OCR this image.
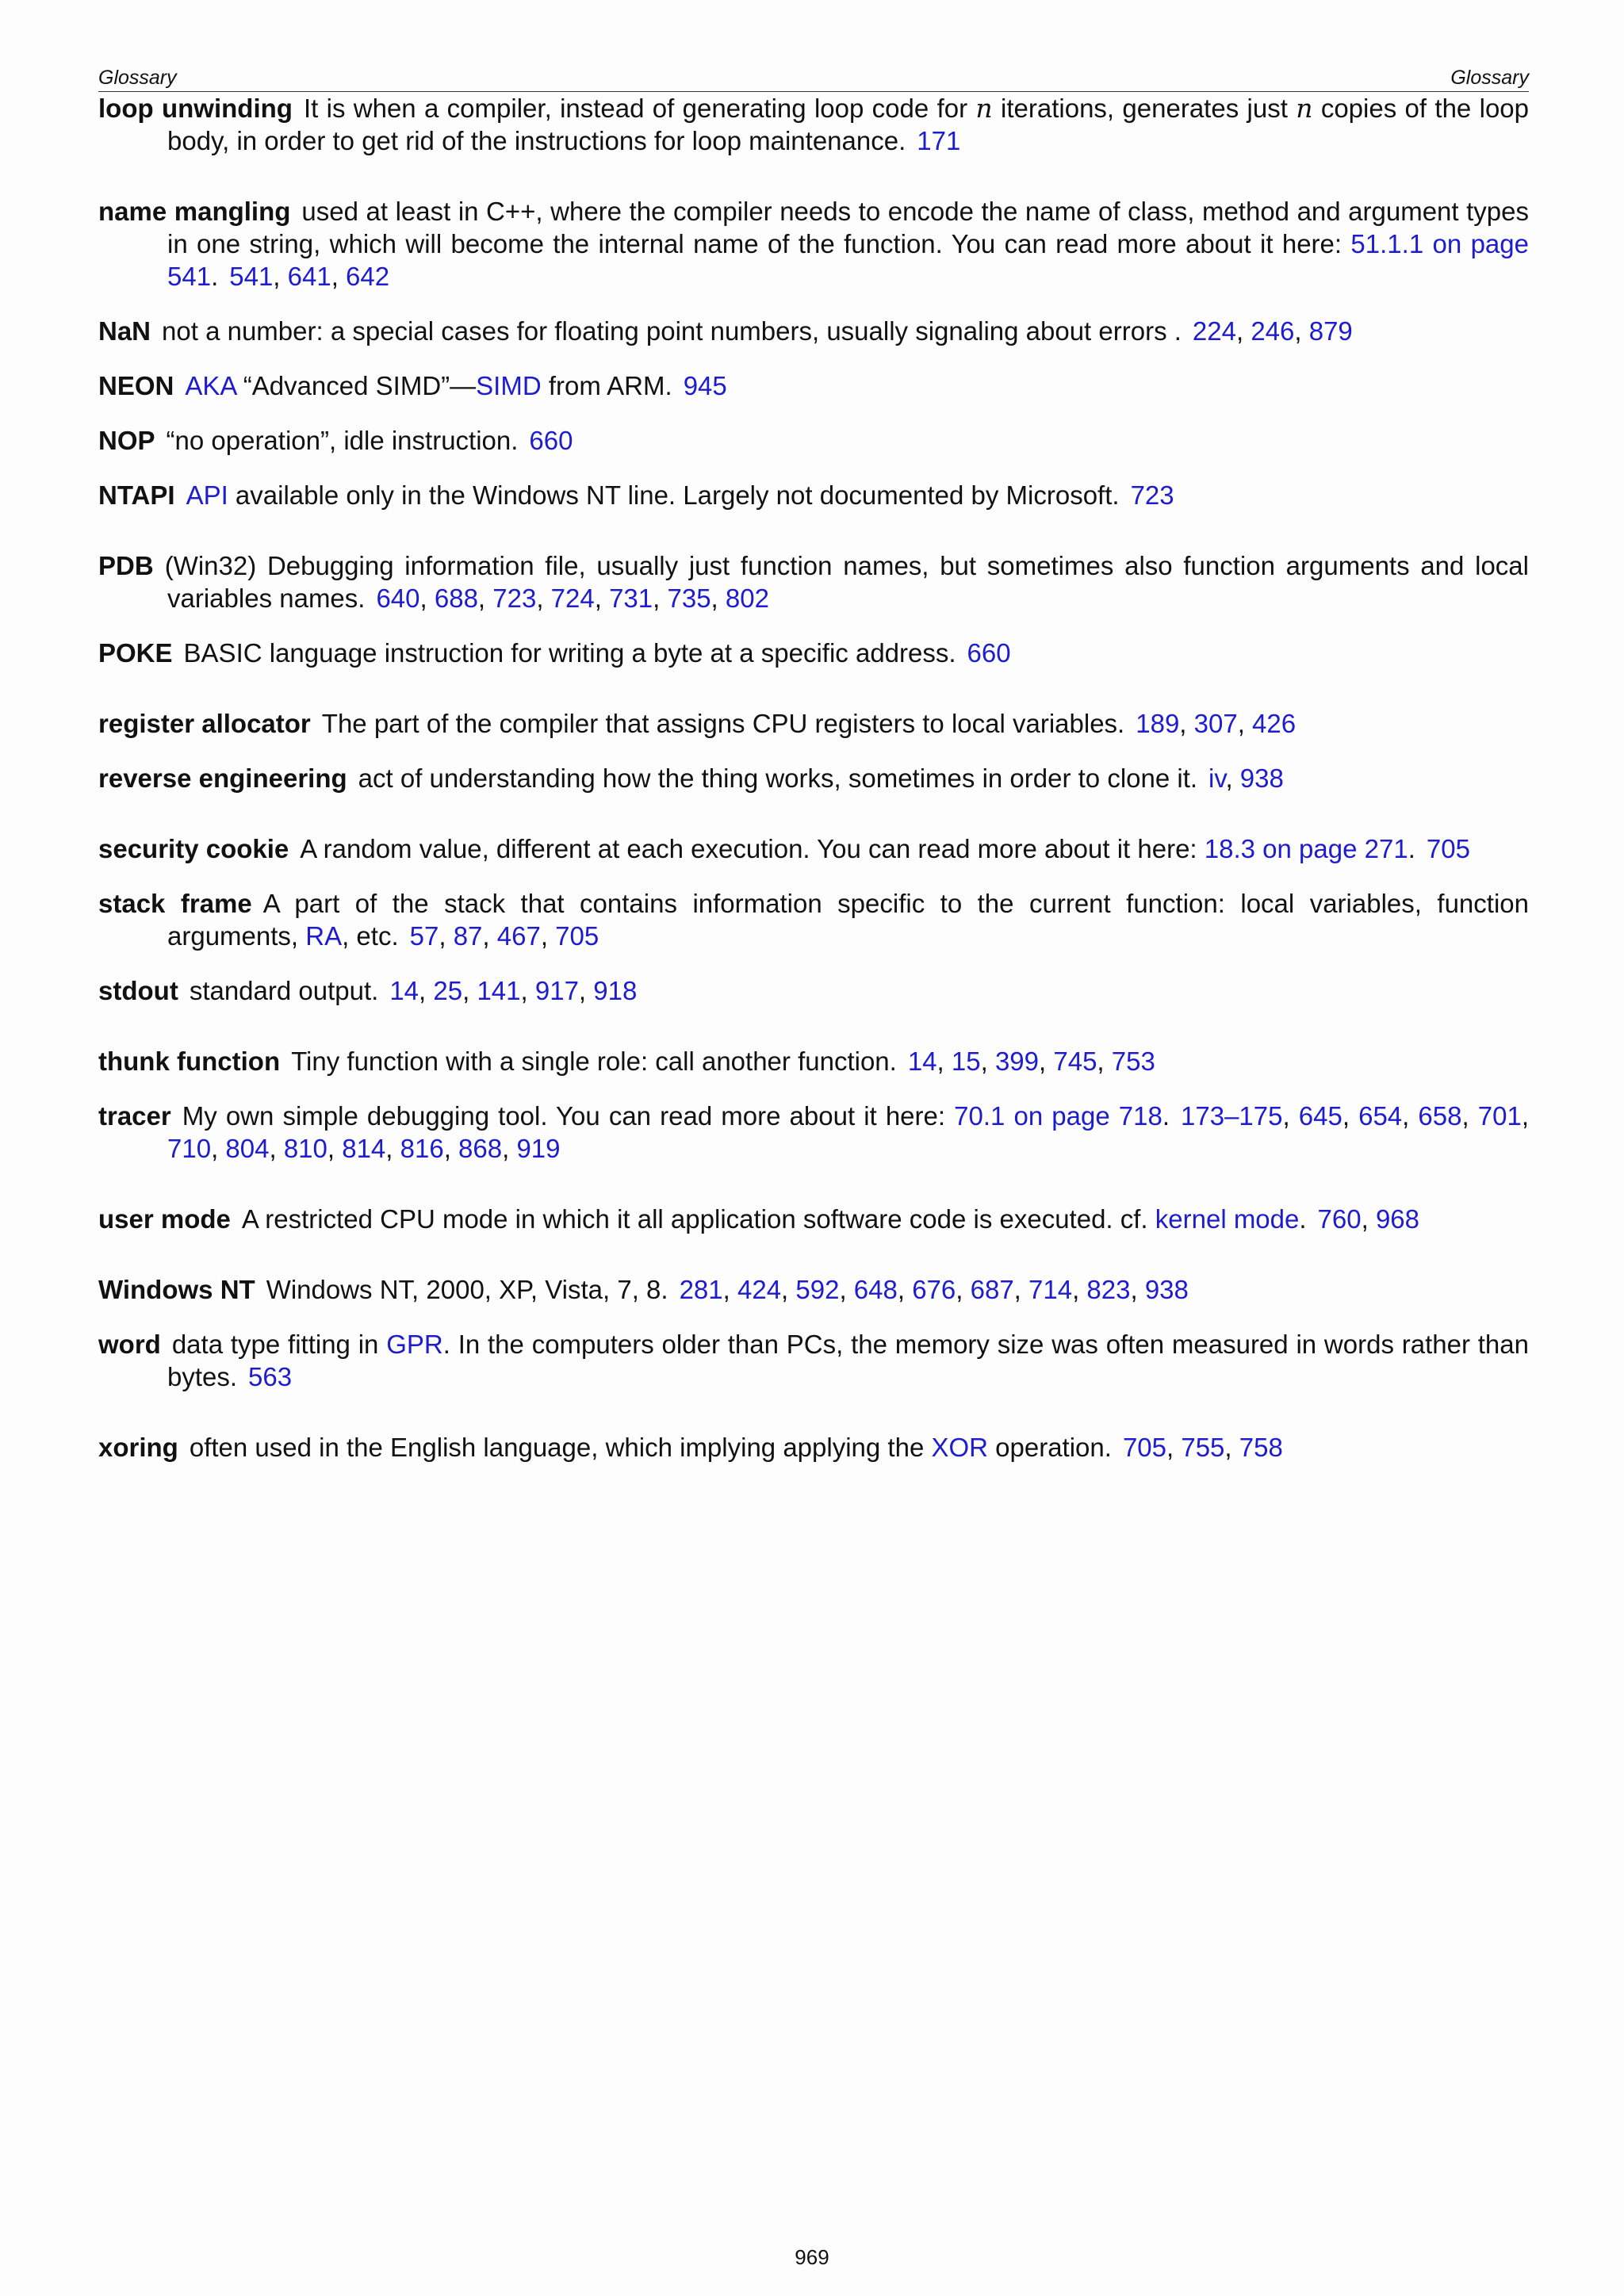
Glossary	Glossary
loop unwinding It is when a compiler, instead of generating loop code for n iterations, generates just n copies of the loop body, in order to get rid of the instructions for loop maintenance. 171
name mangling used at least in C++, where the compiler needs to encode the name of class, method and argument types in one string, which will become the internal name of the function. You can read more about it here: 51.1.1 on page 541. 541, 641, 642
NaN not a number: a special cases for floating point numbers, usually signaling about errors . 224, 246, 879
NEON AKA “Advanced SIMD”—SIMD from ARM. 945
NOP “no operation”, idle instruction. 660
NTAPI API available only in the Windows NT line. Largely not documented by Microsoft. 723
PDB (Win32) Debugging information file, usually just function names, but sometimes also function arguments and local variables names. 640, 688, 723, 724, 731, 735, 802
POKE BASIC language instruction for writing a byte at a specific address. 660
register allocator The part of the compiler that assigns CPU registers to local variables. 189, 307, 426
reverse engineering act of understanding how the thing works, sometimes in order to clone it. iv, 938
security cookie A random value, different at each execution. You can read more about it here: 18.3 on page 271. 705
stack frame A part of the stack that contains information specific to the current function: local variables, function arguments, RA, etc. 57, 87, 467, 705
stdout standard output. 14, 25, 141, 917, 918
thunk function Tiny function with a single role: call another function. 14, 15, 399, 745, 753
tracer My own simple debugging tool. You can read more about it here: 70.1 on page 718. 173–175, 645, 654, 658, 701, 710, 804, 810, 814, 816, 868, 919
user mode A restricted CPU mode in which it all application software code is executed. cf. kernel mode. 760, 968
Windows NT Windows NT, 2000, XP, Vista, 7, 8. 281, 424, 592, 648, 676, 687, 714, 823, 938
word data type fitting in GPR. In the computers older than PCs, the memory size was often measured in words rather than bytes. 563
xoring often used in the English language, which implying applying the XOR operation. 705, 755, 758
969
